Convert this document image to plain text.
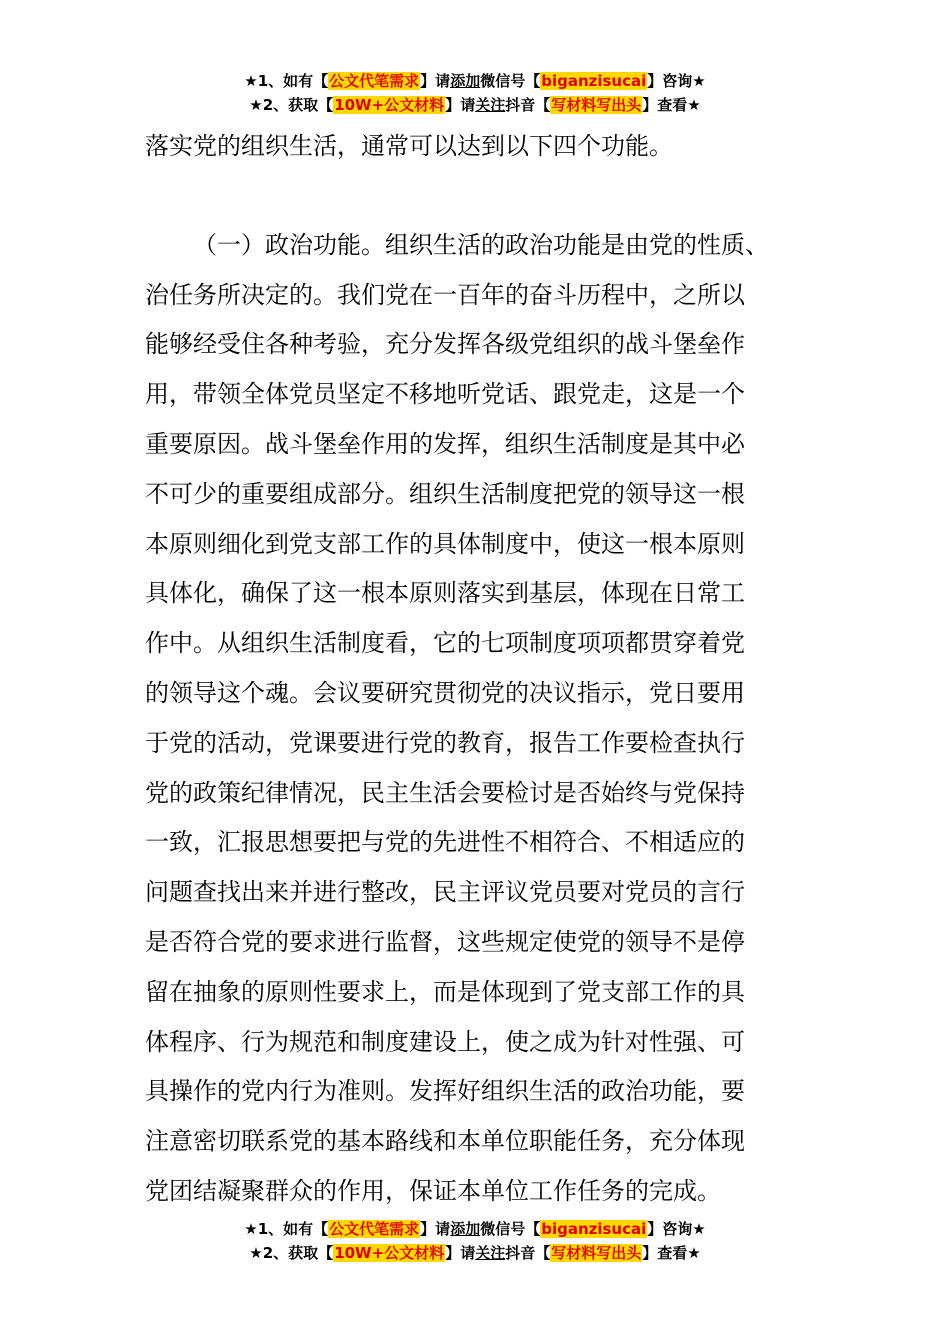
★1、如有【公文代笔需求】请添加微信号【biganzisucai】咨询★
★2、获取【10W+公文材料】请关注抖音【写材料写出头】查看★
落实党的组织生活，通常可以达到以下四个功能。
（一）政治功能。组织生活的政治功能是由党的性质、
治任务所决定的。我们党在一百年的奋斗历程中，之所以
能够经受住各种考验，充分发挥各级党组织的战斗堡垒作
用，带领全体党员坚定不移地听党话、跟党走，这是一个
重要原因。战斗堡垒作用的发挥，组织生活制度是其中必
不可少的重要组成部分。组织生活制度把党的领导这一根
本原则细化到党支部工作的具体制度中，使这一根本原则
具体化，确保了这一根本原则落实到基层，体现在日常工
作中。从组织生活制度看，它的七项制度项项都贯穿着党
的领导这个魂。会议要研究贯彻党的决议指示，党日要用
于党的活动，党课要进行党的教育，报告工作要检查执行
党的政策纪律情况，民主生活会要检讨是否始终与党保持
一致，汇报思想要把与党的先进性不相符合、不相适应的
问题查找出来并进行整改，民主评议党员要对党员的言行
是否符合党的要求进行监督，这些规定使党的领导不是停
留在抽象的原则性要求上，而是体现到了党支部工作的具
体程序、行为规范和制度建设上，使之成为针对性强、可
具操作的党内行为准则。发挥好组织生活的政治功能，要
注意密切联系党的基本路线和本单位职能任务，充分体现
党团结凝聚群众的作用，保证本单位工作任务的完成。
★1、如有【公文代笔需求】请添加微信号【biganzisucai】咨询★
★2、获取【10W+公文材料】请关注抖音【写材料写出头】查看★
